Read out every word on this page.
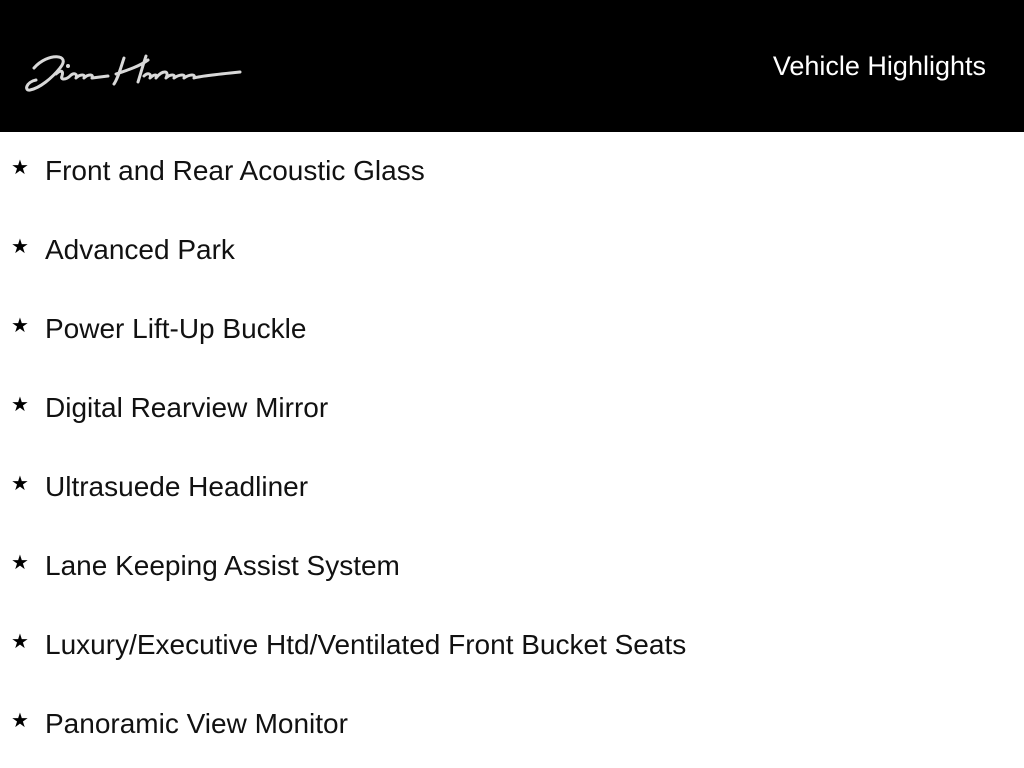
Vehicle Highlights
★ Front and Rear Acoustic Glass
★ Advanced Park
★ Power Lift-Up Buckle
★ Digital Rearview Mirror
★ Ultrasuede Headliner
★ Lane Keeping Assist System
★ Luxury/Executive Htd/Ventilated Front Bucket Seats
★ Panoramic View Monitor
